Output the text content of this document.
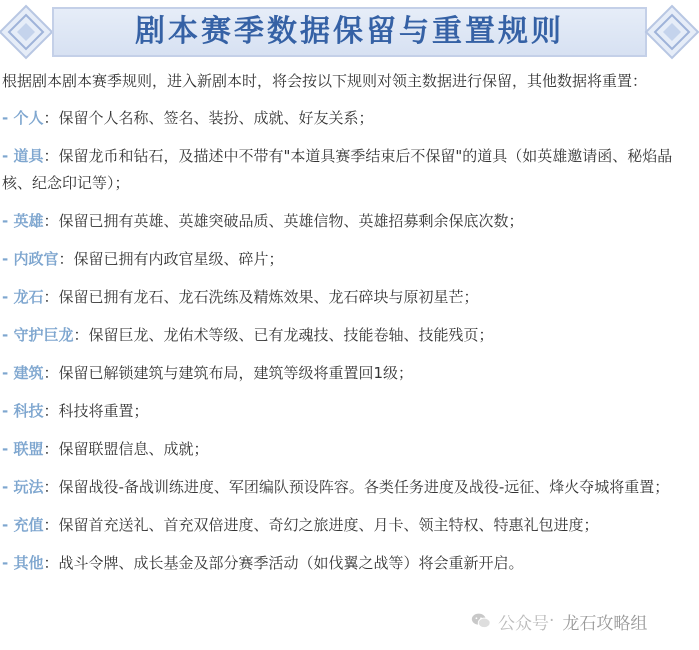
剧本赛季数据保留与重置规则

根据剧本剧本赛季规则，进入新剧本时，将会按以下规则对领主数据进行保留，其他数据将重置：

- 个人：保留个人名称、签名、装扮、成就、好友关系；

- 道具：保留龙币和钻石，及描述中不带有"本道具赛季结束后不保留"的道具（如英雄邀请函、秘焰晶核、纪念印记等）；

- 英雄：保留已拥有英雄、英雄突破品质、英雄信物、英雄招募剩余保底次数；

- 内政官：保留已拥有内政官星级、碎片；

- 龙石：保留已拥有龙石、龙石洗练及精炼效果、龙石碎块与原初星芒；

- 守护巨龙：保留巨龙、龙佑术等级、已有龙魂技、技能卷轴、技能残页；

- 建筑：保留已解锁建筑与建筑布局，建筑等级将重置回1级；

- 科技：科技将重置；

- 联盟：保留联盟信息、成就；

- 玩法：保留战役-备战训练进度、军团编队预设阵容。各类任务进度及战役-远征、烽火夺城将重置；

- 充值：保留首充送礼、首充双倍进度、奇幻之旅进度、月卡、领主特权、特惠礼包进度；

- 其他：战斗令牌、成长基金及部分赛季活动（如伐翼之战等）将会重新开启。

公众号 · 龙石攻略组
